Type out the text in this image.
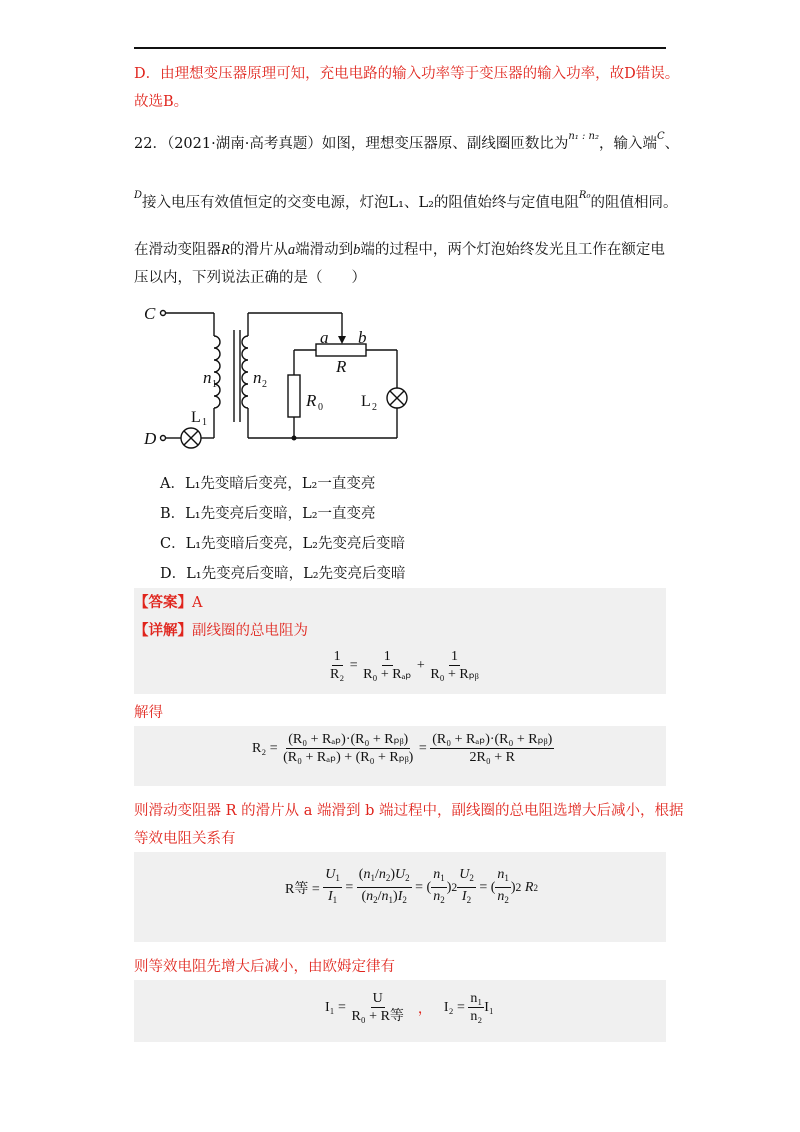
D．由理想变压器原理可知，充电电路的输入功率等于变压器的输入功率，故D错误。
故选B。
22．（2021·湖南·高考真题）如图，理想变压器原、副线圈匝数比为$^{n_1 : n_2}$，输入端$^C$、
$^D$接入电压有效值恒定的交变电源，灯泡L₁、L₂的阻值始终与定值电阻$^{R_0}$的阻值相同。
在滑动变阻器R的滑片从a端滑动到b端的过程中，两个灯泡始终发光且工作在额定电
压以内，下列说法正确的是（　　）
C
D
a b
R
n n
R
1	2
0
1
2
L
L
A．L₁先变暗后变亮，L₂一直变亮
B．L₁先变亮后变暗，L₂一直变亮
C．L₁先变暗后变亮，L₂先变亮后变暗
D．L₁先变亮后变暗，L₂先变亮后变暗
【答案】A
【详解】副线圈的总电阻为
$\frac{1}{\text{R₂}} = \frac{1}{\text{R₀ + Rₐₚ}} + \frac{1}{\text{R₀ + Rₚᵦ}}$
解得
R₂ =
$\frac{\text{(R₀ + Rₐₚ)·(R₀ + Rₚᵦ)}}{\text{(R₀ + Rₐₚ) + (R₀ + Rₚᵦ)}} = \frac{\text{(R₀ + Rₐₚ)·(R₀ + Rₚᵦ)}}{\text{2R₀ + R}}$
则滑动变阻器 R 的滑片从 a 端滑到 b 端过程中，副线圈的总电阻选增大后减小，根据
等效电阻关系有
R等 =
$\frac{U_1}{I_1} = \frac{(n_1/n_2)U_2}{(n_2/n_1)I_2}$ = ( $\frac{n_1}{n_2}$ ) $2 \frac{U_2}{I_2}$ = ( $\frac{n_1}{n_2}$ ) 2
R 2
则等效电阻先增大后减小，由欧姆定律有
I₁ =
$\frac{U}{\text{R₀ + R等}}$ ， I₂ =
$\frac{\text{n₁}}{\text{n₂}} I_1$
